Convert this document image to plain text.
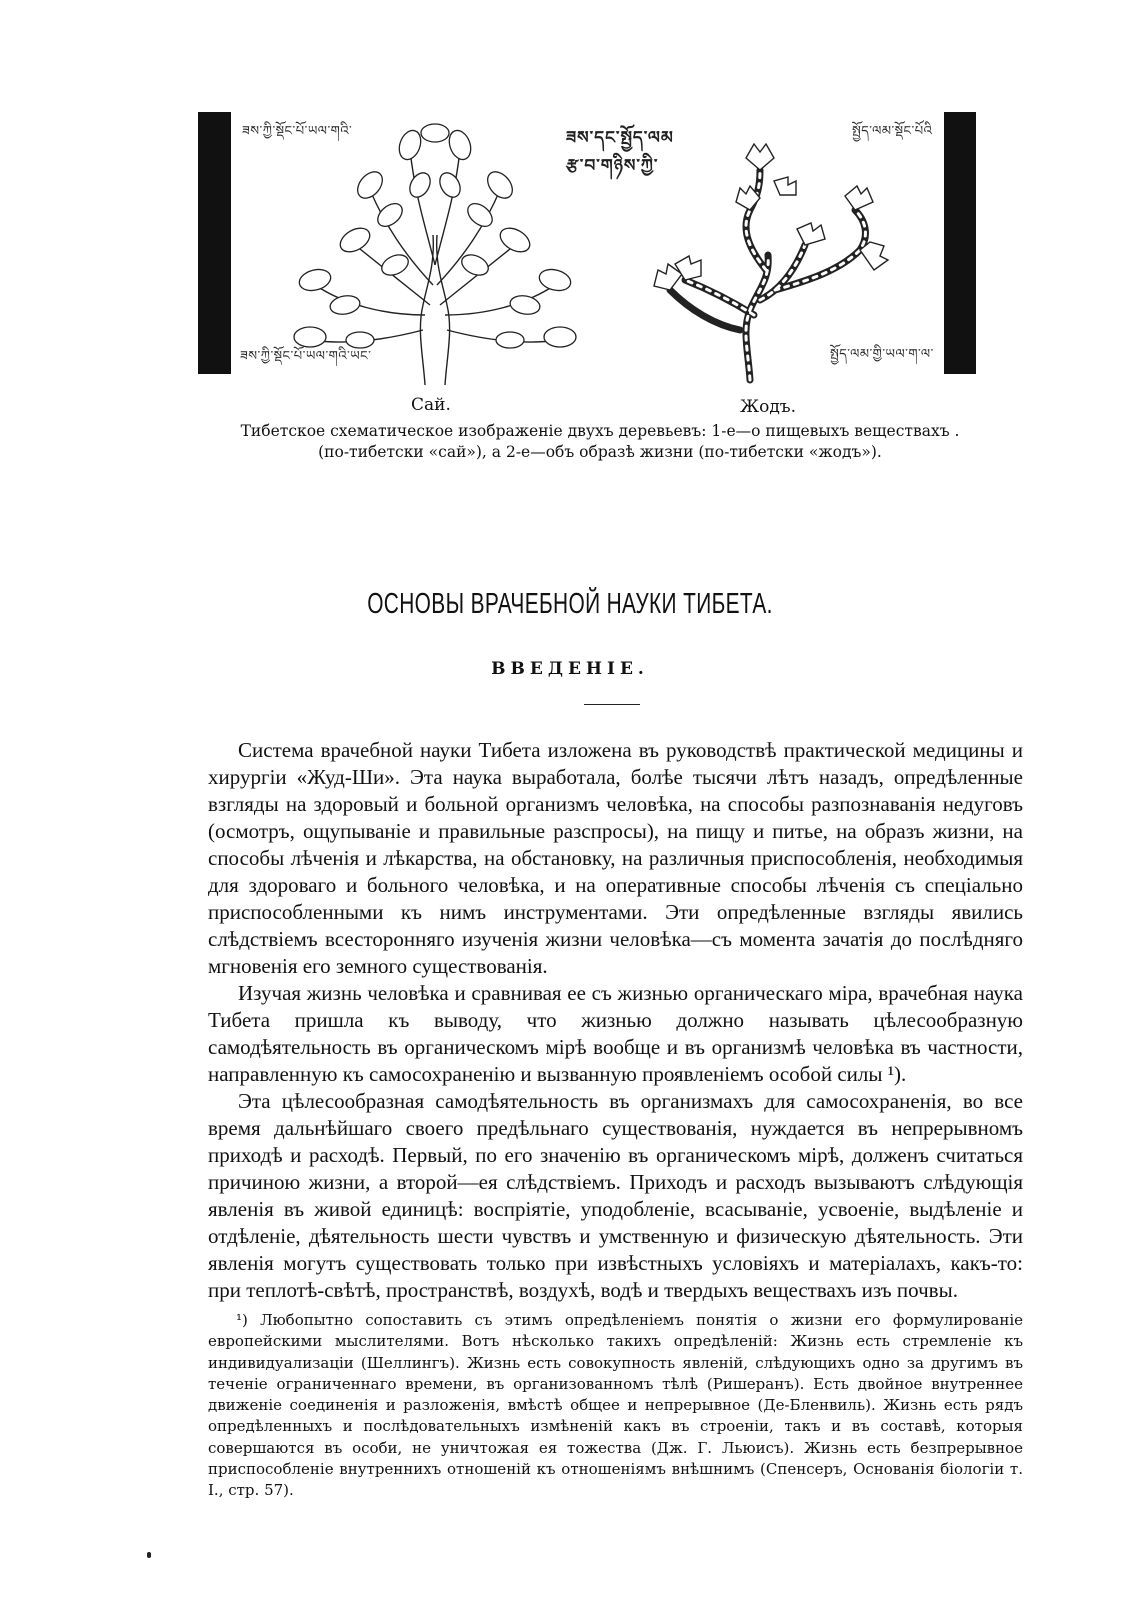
ཟས་ཀྱི་སྡོང་པོ་ཡལ་གའི་
ཟས་ཀྱི་སྡོང་པོ་ཡལ་གའི་ཡང་
ཟས་དང་སྤྱོད་ལམ
རྩ་བ་གཉིས་ཀྱི་
སྤྱོད་ལམ་སྡོང་པོའི
སྤྱོད་ལམ་གྱི་ཡལ་ག་ལ་
Сай.	Жодъ.
Тибетское схематическое изображеніе двухъ деревьевъ: 1-е—о пищевыхъ веществахъ .
(по-тибетски «сай»), а 2-е—объ образѣ жизни (по-тибетски «жодъ»).
ОСНОВЫ ВРАЧЕБНОЙ НАУКИ ТИБЕТА.
ВВЕДЕНІЕ.

Система врачебной науки Тибета изложена въ руководствѣ практической медицины и хирургіи «Жуд-Ши». Эта наука выработала, болѣе тысячи лѣтъ назадъ, опредѣленные взгляды на здоровый и больной организмъ человѣка, на способы разпознаванія недуговъ (осмотръ, ощупываніе и правильные разспросы), на пищу и питье, на образъ жизни, на способы лѣченія и лѣкарства, на обстановку, на различныя приспособленія, необходимыя для здороваго и больного человѣка, и на оперативные способы лѣченія съ спеціально приспособленными къ нимъ инструментами. Эти опредѣленные взгляды явились слѣдствіемъ всесторонняго изученія жизни человѣка—съ момента зачатія до послѣдняго мгновенія его земного существованія.

Изучая жизнь человѣка и сравнивая ее съ жизнью органическаго міра, врачебная наука Тибета пришла къ выводу, что жизнью должно называть цѣлесообразную самодѣятельность въ органическомъ мірѣ вообще и въ организмѣ человѣка въ частности, направленную къ самосохраненію и вызванную проявленіемъ особой силы ¹).

Эта цѣлесообразная самодѣятельность въ организмахъ для самосохраненія, во все время дальнѣйшаго своего предѣльнаго существованія, нуждается въ непрерывномъ приходѣ и расходѣ. Первый, по его значенію въ органическомъ мірѣ, долженъ считаться причиною жизни, а второй—ея слѣдствіемъ. Приходъ и расходъ вызываютъ слѣдующія явленія въ живой единицѣ: воспріятіе, уподобленіе, всасываніе, усвоеніе, выдѣленіе и отдѣленіе, дѣятельность шести чувствъ и умственную и физическую дѣятельность. Эти явленія могутъ существовать только при извѣстныхъ условіяхъ и матеріалахъ, какъ-то: при теплотѣ-свѣтѣ, пространствѣ, воздухѣ, водѣ и твердыхъ веществахъ изъ почвы.

¹) Любопытно сопоставить съ этимъ опредѣленіемъ понятія о жизни его формулированіе европейскими мыслителями. Вотъ нѣсколько такихъ опредѣленій: Жизнь есть стремленіе къ индивидуализаціи (Шеллингъ). Жизнь есть совокупность явленій, слѣдующихъ одно за другимъ въ теченіе ограниченнаго времени, въ организованномъ тѣлѣ (Ришеранъ). Есть двойное внутреннее движеніе соединенія и разложенія, вмѣстѣ общее и непрерывное (Де-Бленвиль). Жизнь есть рядъ опредѣленныхъ и послѣдовательныхъ измѣненій какъ въ строеніи, такъ и въ составѣ, которыя совершаются въ особи, не уничтожая ея тожества (Дж. Г. Льюисъ). Жизнь есть безпрерывное приспособленіе внутреннихъ отношеній къ отношеніямъ внѣшнимъ (Спенсеръ, Основанія біологіи т. I., стр. 57).
